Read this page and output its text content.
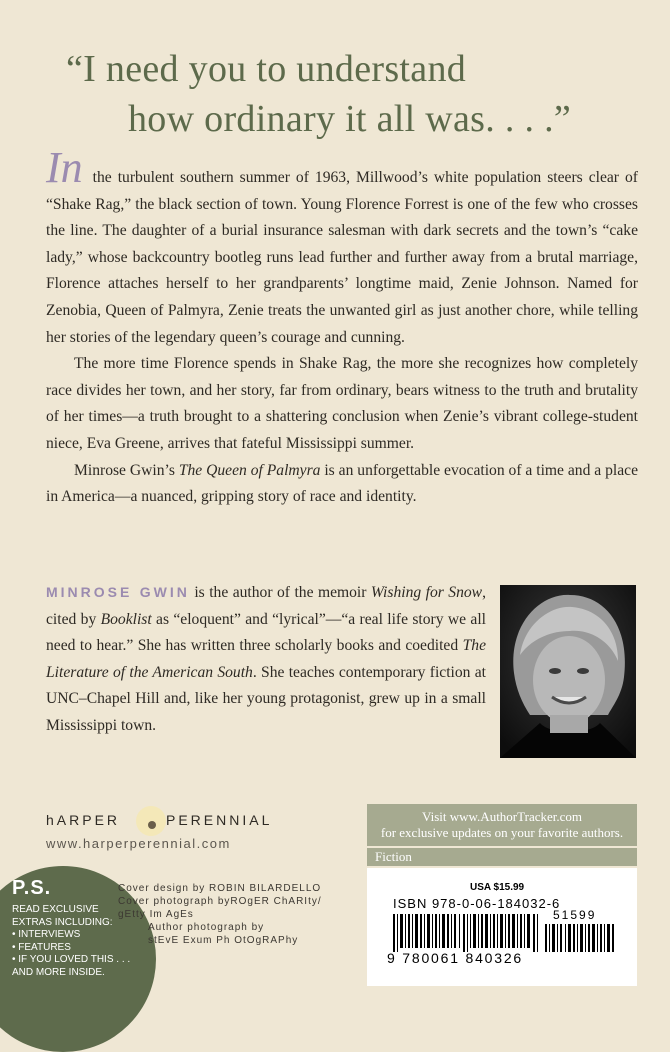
“I need you to understand
how ordinary it all was. . . .”

In the turbulent southern summer of 1963, Millwood’s white population steers clear of “Shake Rag,” the black section of town. Young Florence Forrest is one of the few who crosses the line. The daughter of a burial insurance salesman with dark secrets and the town’s “cake lady,” whose backcountry bootleg runs lead further and further away from a brutal marriage, Florence attaches herself to her grandparents’ longtime maid, Zenie Johnson. Named for Zenobia, Queen of Palmyra, Zenie treats the unwanted girl as just another chore, while telling her stories of the legendary queen’s courage and cunning.

The more time Florence spends in Shake Rag, the more she recognizes how completely race divides her town, and her story, far from ordinary, bears witness to the truth and brutality of her times—a truth brought to a shattering conclusion when Zenie’s vibrant college-student niece, Eva Greene, arrives that fateful Mississippi summer.

Minrose Gwin’s The Queen of Palmyra is an unforgettable evocation of a time and a place in America—a nuanced, gripping story of race and identity.

MINROSE GWIN is the author of the memoir Wishing for Snow, cited by Booklist as “eloquent” and “lyrical”—“a real life story we all need to hear.” She has written three scholarly books and coedited The Literature of the American South. She teaches contemporary fiction at UNC–Chapel Hill and, like her young protagonist, grew up in a small Mississippi town.

hARPER	PERENNIAL
www.harperperennial.com
P.S.
READ EXCLUSIVE
EXTRAS INCLUDING:
• INTERVIEWS
• FEATURES
• IF YOU LOVED THIS . . .
AND MORE INSIDE.
Cover design by ROBIN BILARDELLO
Cover photograph byROgER ChARIty/
gEtty Im AgEs
Author photograph by
stEvE Exum Ph OtOgRAPhy
Visit www.AuthorTracker.com
for exclusive updates on your favorite authors.
Fiction
USA $15.99
ISBN 978-0-06-184032-6
51599
9 780061 840326
